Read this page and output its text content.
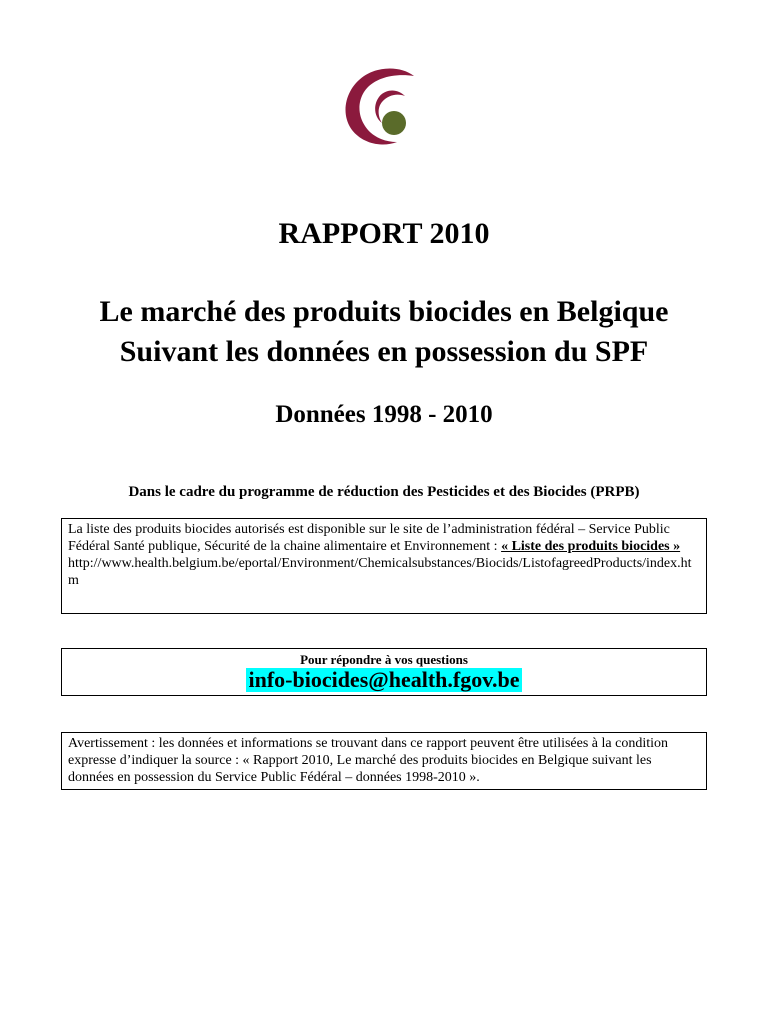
RAPPORT 2010
Le marché des produits biocides en Belgique
Suivant les données en possession du SPF
Données 1998 - 2010

Dans le cadre du programme de réduction des Pesticides et des Biocides (PRPB)

La liste des produits biocides autorisés est disponible sur le site de l’administration fédéral – Service Public Fédéral Santé publique, Sécurité de la chaine alimentaire et Environnement : « Liste des produits biocides »
http://www.health.belgium.be/eportal/Environment/Chemicalsubstances/Biocids/ListofagreedProducts/index.htm
Pour répondre à vos questions
info-biocides@health.fgov.be
Avertissement : les données et informations se trouvant dans ce rapport peuvent être utilisées à la condition expresse d’indiquer la source : « Rapport 2010, Le marché des produits biocides en Belgique suivant les données en possession du Service Public Fédéral – données 1998-2010 ».
